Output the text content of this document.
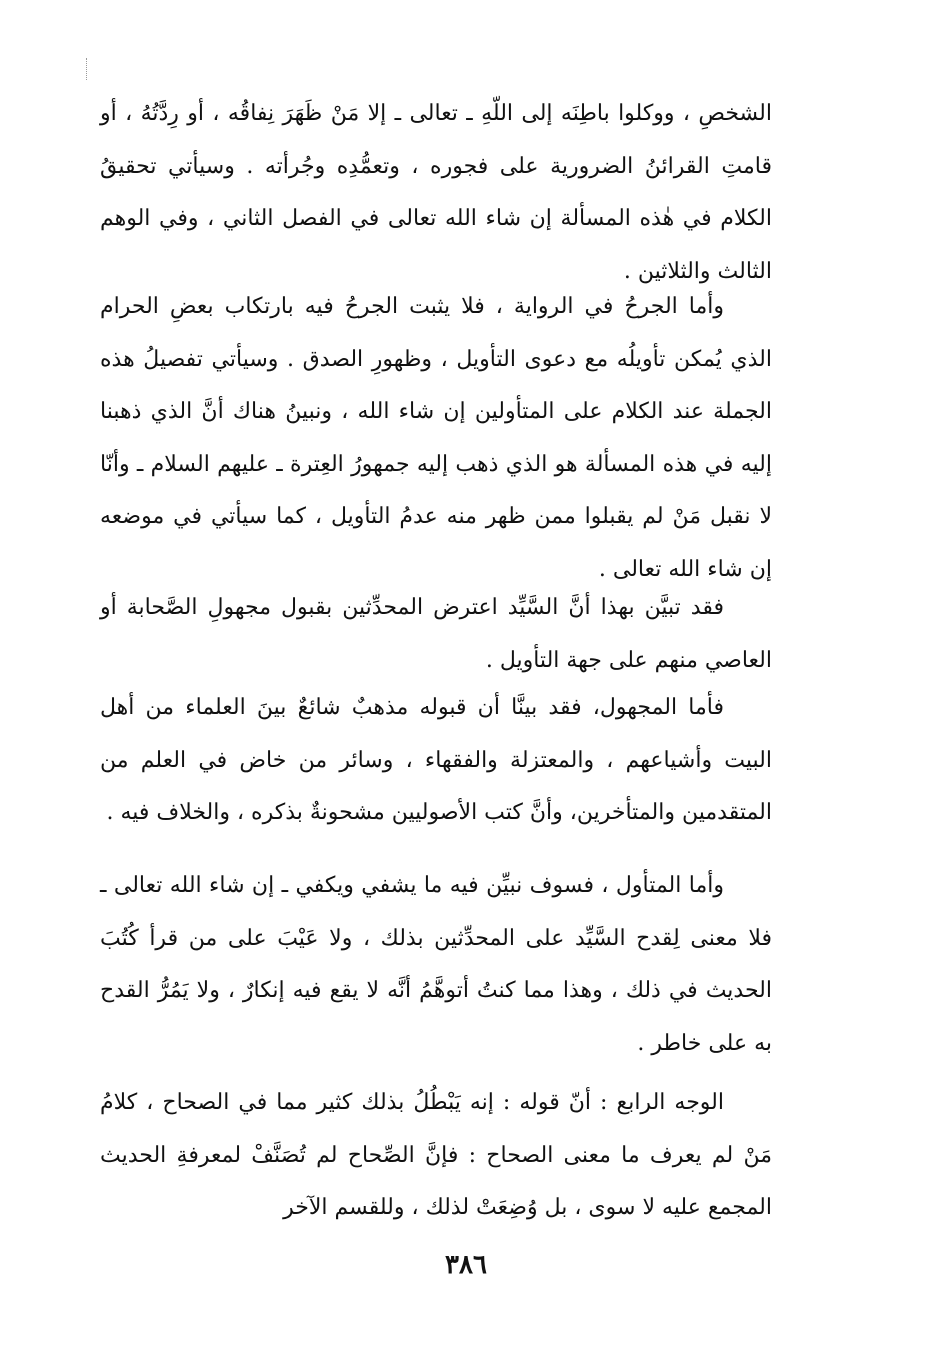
الشخصِ ، ووكلوا باطِنَه إلى اللّهِ ـ تعالى ـ إلا مَنْ ظَهَرَ نِفاقُه ، أو رِدَّتُهُ ، أو قامتِ القرائنُ الضرورية على فجوره ، وتعمُّدِه وجُرأته . وسيأتي تحقيقُ الكلام في هٰذه المسألة إن شاء الله تعالى في الفصل الثاني ، وفي الوهم الثالث والثلاثين .

وأما الجرحُ في الرواية ، فلا يثبت الجرحُ فيه بارتكاب بعضِ الحرام الذي يُمكن تأويلُه مع دعوى التأويل ، وظهورِ الصدق . وسيأتي تفصيلُ هذه الجملة عند الكلام على المتأولين إن شاء الله ، ونبينُ هناك أنَّ الذي ذهبنا إليه في هذه المسألة هو الذي ذهب إليه جمهورُ العِترة ـ عليهم السلام ـ وأنّا لا نقبل مَنْ لم يقبلوا ممن ظهر منه عدمُ التأويل ، كما سيأتي في موضعه إن شاء الله تعالى .

فقد تبيَّن بهذا أنَّ السَّيِّد اعترض المحدِّثين بقبول مجهولِ الصَّحابة أو العاصي منهم على جهة التأويل .

فأما المجهول، فقد بينَّا أن قبوله مذهبٌ شائعٌ بينَ العلماء من أهل البيت وأشياعهم ، والمعتزلة والفقهاء ، وسائر من خاض في العلم من المتقدمين والمتأخرين، وأنَّ كتب الأصوليين مشحونةٌ بذكره ، والخلاف فيه .

وأما المتأول ، فسوف نبيِّن فيه ما يشفي ويكفي ـ إن شاء الله تعالى ـ فلا معنى لِقدح السَّيِّد على المحدِّثين بذلك ، ولا عَيْبَ على من قرأ كُتُبَ الحديث في ذلك ، وهذا مما كنتُ أتوهَّمُ أنَّه لا يقع فيه إنكارٌ ، ولا يَمُرُّ القدح به على خاطر .

الوجه الرابع : أنّ قوله : إنه يَبْطُلُ بذلك كثير مما في الصحاح ، كلامُ مَنْ لم يعرف ما معنى الصحاح : فإنَّ الصِّحاح لم تُصَنَّفْ لمعرفةِ الحديث المجمع عليه لا سوى ، بل وُضِعَتْ لذلك ، وللقسم الآخر

٣٨٦
